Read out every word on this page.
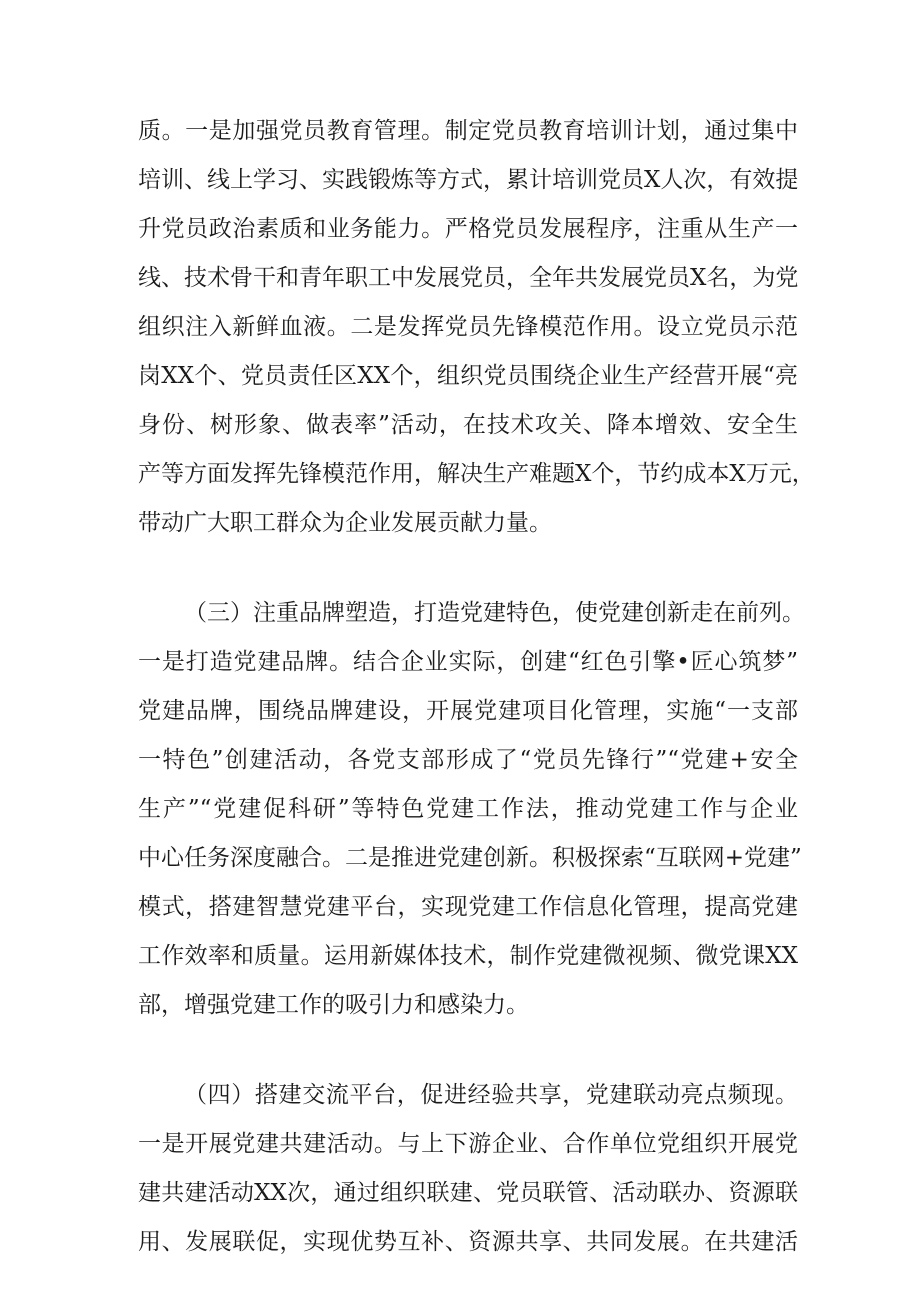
质。一是加强党员教育管理。制定党员教育培训计划，通过集中
培训、线上学习、实践锻炼等方式，累计培训党员X人次，有效提
升党员政治素质和业务能力。严格党员发展程序，注重从生产一
线、技术骨干和青年职工中发展党员，全年共发展党员X名，为党
组织注入新鲜血液。二是发挥党员先锋模范作用。设立党员示范
岗XX个、党员责任区XX个，组织党员围绕企业生产经营开展“亮
身份、树形象、做表率”活动，在技术攻关、降本增效、安全生
产等方面发挥先锋模范作用，解决生产难题X个，节约成本X万元，
带动广大职工群众为企业发展贡献力量。
（三）注重品牌塑造，打造党建特色，使党建创新走在前列。
一是打造党建品牌。结合企业实际，创建“红色引擎•匠心筑梦”
党建品牌，围绕品牌建设，开展党建项目化管理，实施“一支部
一特色”创建活动，各党支部形成了“党员先锋行”“党建+安全
生产”“党建促科研”等特色党建工作法，推动党建工作与企业
中心任务深度融合。二是推进党建创新。积极探索“互联网+党建”
模式，搭建智慧党建平台，实现党建工作信息化管理，提高党建
工作效率和质量。运用新媒体技术，制作党建微视频、微党课XX
部，增强党建工作的吸引力和感染力。
（四）搭建交流平台，促进经验共享，党建联动亮点频现。
一是开展党建共建活动。与上下游企业、合作单位党组织开展党
建共建活动XX次，通过组织联建、党员联管、活动联办、资源联
用、发展联促，实现优势互补、资源共享、共同发展。在共建活
